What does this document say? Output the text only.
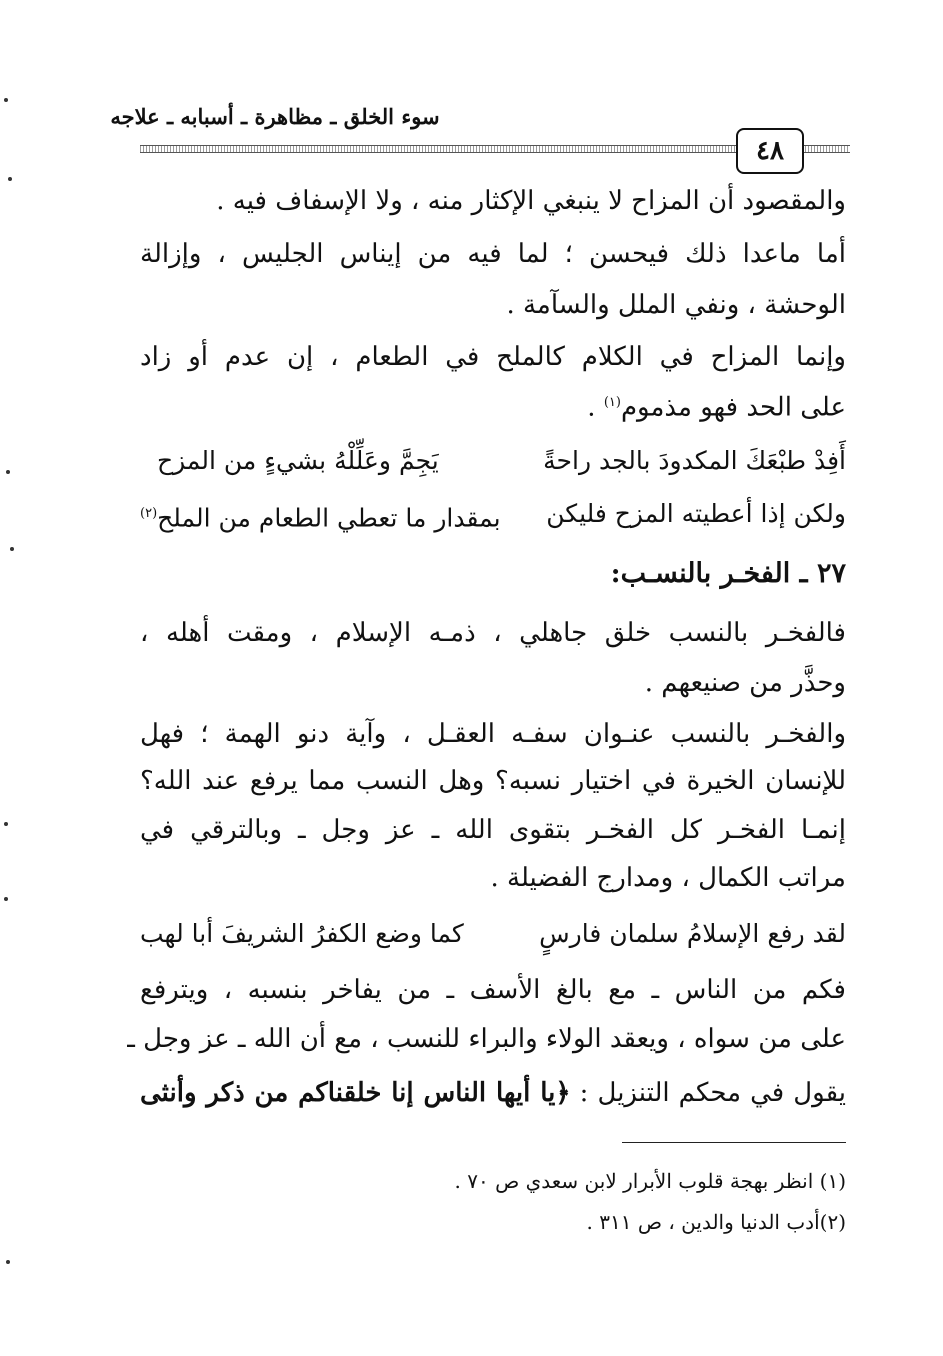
سوء الخلق ـ مظاهرة ـ أسبابه ـ علاجه
٤٨
والمقصود أن المزاح لا ينبغي الإكثار منه ، ولا الإسفاف فيه .
أما ماعدا ذلك فيحسن ؛ لما فيه من إيناس الجليس ، وإزالة
الوحشة ، ونفي الملل والسآمة .
وإنما المزاح في الكلام كالملح في الطعام ، إن عدم أو زاد
على الحد فهو مذموم$^{(١)}$ .
أَفِدْ طبْعَكَ المكدودَ بالجد راحةً
يَجِمَّ وعَلِّلْهُ بشيءٍ من المزح
ولكن إذا أعطيته المزح فليكن
بمقدار ما تعطي الطعام من الملح$^{(٢)}$
٢٧ ـ الفخـر بالنسـب:
فالفخـر بالنسب خلق جاهلي ، ذمـه الإسلام ، ومقت أهله ،
وحذَّر من صنيعهم .
والفخـر بالنسب عنـوان سفـه العقـل ، وآية دنو الهمة ؛ فهل
للإنسان الخيرة في اختيار نسبه؟ وهل النسب مما يرفع عند الله؟
إنمـا الفخـر كل الفخـر بتقوى الله ـ عز وجل ـ وبالترقي في
مراتب الكمال ، ومدارج الفضيلة .
لقد رفع الإسلامُ سلمان فارسٍ
كما وضع الكفرُ الشريفَ أبا لهب
فكم من الناس ـ مع بالغ الأسف ـ من يفاخر بنسبه ، ويترفع
على من سواه ، ويعقد الولاء والبراء للنسب ، مع أن الله ـ عز وجل ـ
يقول في محكم التنزيل : ﴿يا أيها الناس إنا خلقناكم من ذكر وأنثى
(١) انظر بهجة قلوب الأبرار لابن سعدي ص ٧٠ .
(٢)أدب الدنيا والدين ، ص ٣١١ .
